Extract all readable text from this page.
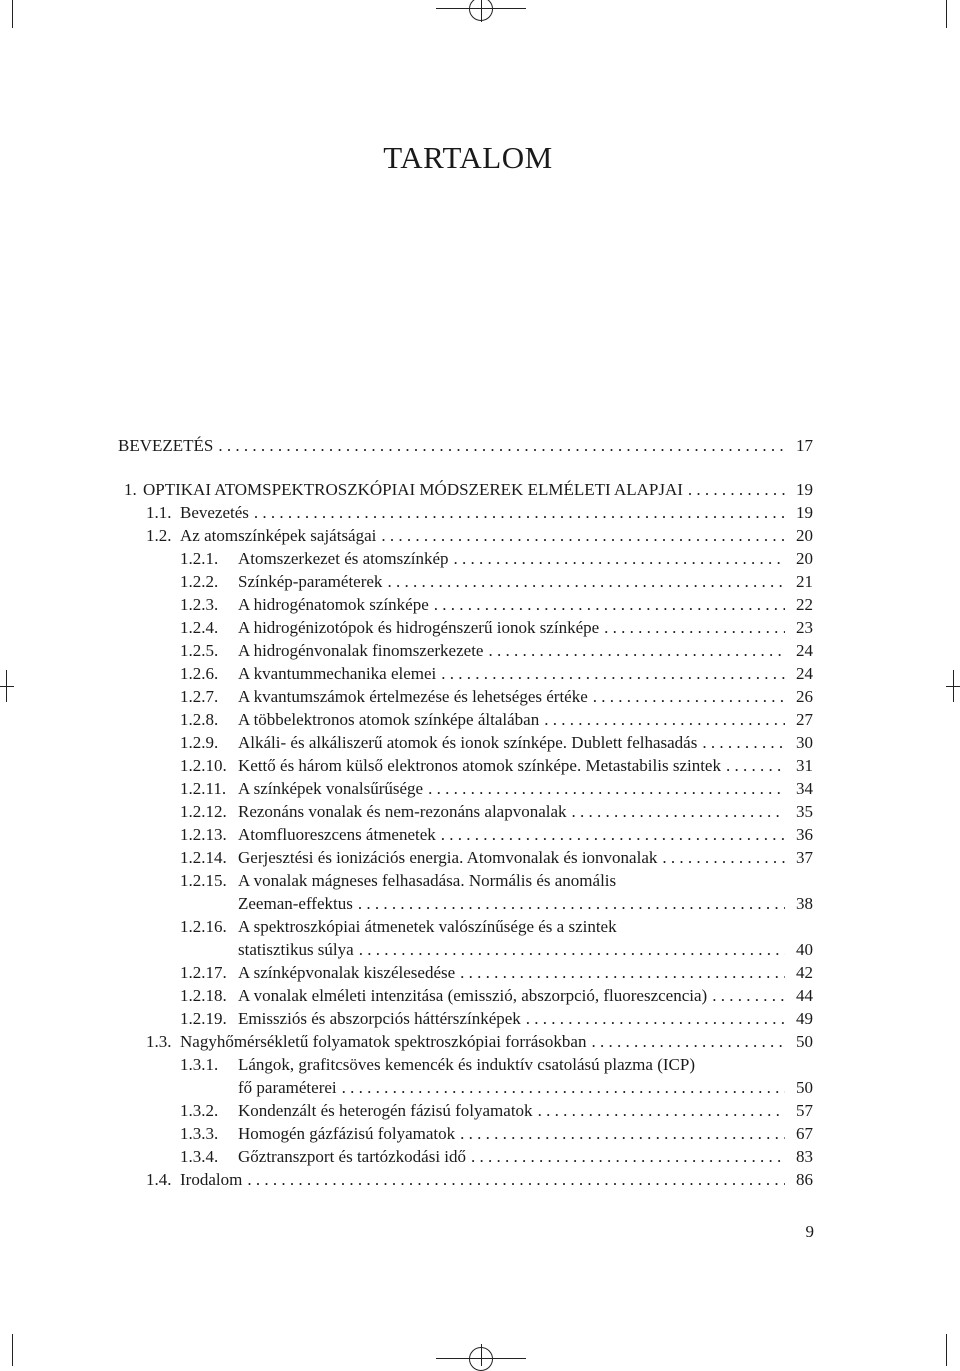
TARTALOM
BEVEZETÉS . . .	17
1. OPTIKAI ATOMSPEKTROSZKÓPIAI MÓDSZEREK ELMÉLETI ALAPJAI . . .	19
1.1. Bevezetés . . .	19
1.2. Az atomszínképek sajátságai . . .	20
1.2.1.	Atomszerkezet és atomszínkép . . .	20
1.2.2.	Színkép-paraméterek . . .	21
1.2.3.	A hidrogénatomok színképe . . .	22
1.2.4.	A hidrogénizotópok és hidrogénszerű ionok színképe . . .	23
1.2.5.	A hidrogénvonalak finomszerkezete . . .	24
1.2.6.	A kvantummechanika elemei . . .	24
1.2.7.	A kvantumszámok értelmezése és lehetséges értéke . . .	26
1.2.8.	A többelektronos atomok színképe általában . . .	27
1.2.9.	Alkáli- és alkáliszerű atomok és ionok színképe. Dublett felhasadás . . .	30
1.2.10. Kettő és három külső elektronos atomok színképe. Metastabilis szintek . . .	31
1.2.11. A színképek vonalsűrűsége . . .	34
1.2.12. Rezonáns vonalak és nem-rezonáns alapvonalak . . .	35
1.2.13. Atomfluoreszcens átmenetek . . .	36
1.2.14. Gerjesztési és ionizációs energia. Atomvonalak és ionvonalak . . .	37
1.2.15. A vonalak mágneses felhasadása. Normális és anomális
Zeeman-effektus . . .	38
1.2.16. A spektroszkópiai átmenetek valószínűsége és a szintek
statisztikus súlya . . .	40
1.2.17. A színképvonalak kiszélesedése . . .	42
1.2.18. A vonalak elméleti intenzitása (emisszió, abszorpció, fluoreszcencia) . . .	44
1.2.19. Emissziós és abszorpciós háttérszínképek . . .	49
1.3. Nagyhőmérsékletű folyamatok spektroszkópiai forrásokban . . .	50
1.3.1.	Lángok, grafitcsöves kemencék és induktív csatolású plazma (ICP)
fő paraméterei . . .	50
1.3.2.	Kondenzált és heterogén fázisú folyamatok . . .	57
1.3.3.	Homogén gázfázisú folyamatok . . .	67
1.3.4.	Gőztranszport és tartózkodási idő . . .	83
1.4. Irodalom . . .	86
9
